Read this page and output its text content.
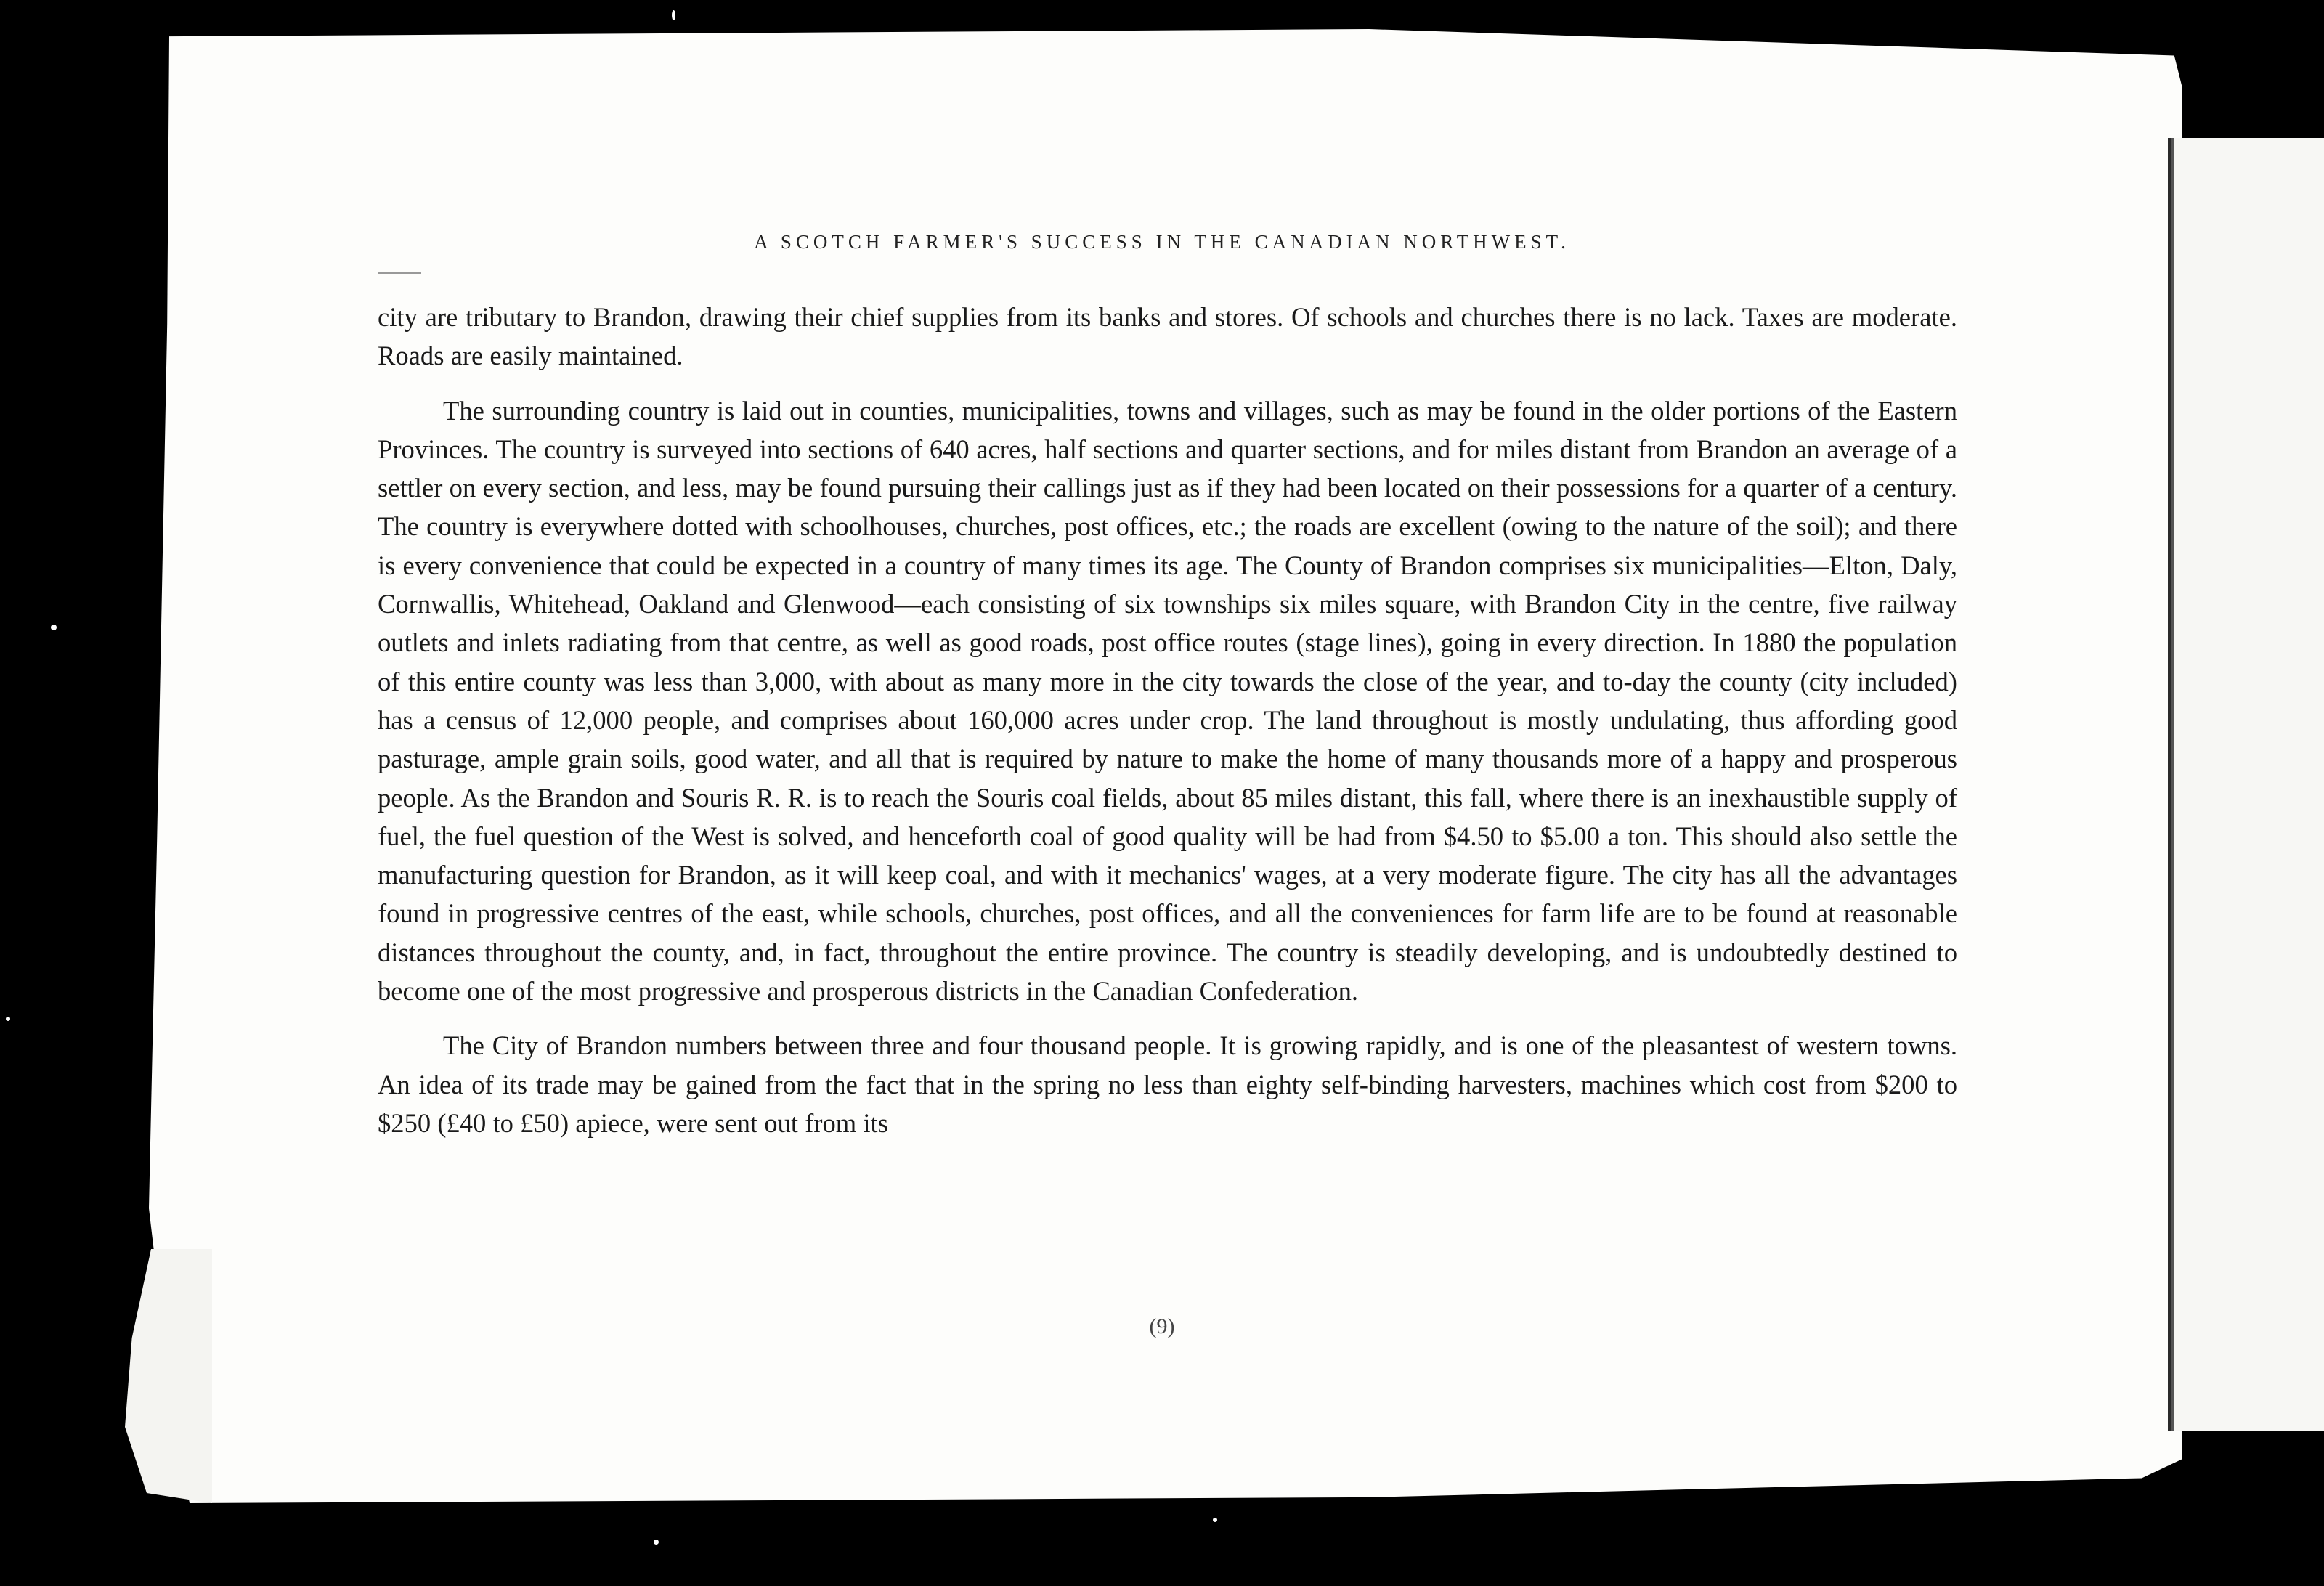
A SCOTCH FARMER'S SUCCESS IN THE CANADIAN NORTHWEST.

city are tributary to Brandon, drawing their chief supplies from its banks and stores. Of schools and churches there is no lack. Taxes are moderate. Roads are easily maintained.

The surrounding country is laid out in counties, municipalities, towns and villages, such as may be found in the older portions of the Eastern Provinces. The country is surveyed into sections of 640 acres, half sections and quarter sections, and for miles distant from Brandon an average of a settler on every section, and less, may be found pursuing their callings just as if they had been located on their possessions for a quarter of a century. The country is everywhere dotted with schoolhouses, churches, post offices, etc.; the roads are excellent (owing to the nature of the soil); and there is every convenience that could be expected in a country of many times its age. The County of Brandon comprises six municipalities—Elton, Daly, Cornwallis, Whitehead, Oakland and Glenwood—each consisting of six townships six miles square, with Brandon City in the centre, five railway outlets and inlets radiating from that centre, as well as good roads, post office routes (stage lines), going in every direction. In 1880 the population of this entire county was less than 3,000, with about as many more in the city towards the close of the year, and to-day the county (city included) has a census of 12,000 people, and comprises about 160,000 acres under crop. The land throughout is mostly undulating, thus affording good pasturage, ample grain soils, good water, and all that is required by nature to make the home of many thousands more of a happy and prosperous people. As the Brandon and Souris R. R. is to reach the Souris coal fields, about 85 miles distant, this fall, where there is an inexhaustible supply of fuel, the fuel question of the West is solved, and henceforth coal of good quality will be had from $4.50 to $5.00 a ton. This should also settle the manufacturing question for Brandon, as it will keep coal, and with it mechanics' wages, at a very moderate figure. The city has all the advantages found in progressive centres of the east, while schools, churches, post offices, and all the conveniences for farm life are to be found at reasonable distances throughout the county, and, in fact, throughout the entire province. The country is steadily developing, and is undoubtedly destined to become one of the most progressive and prosperous districts in the Canadian Confederation.

The City of Brandon numbers between three and four thousand people. It is growing rapidly, and is one of the pleasantest of western towns. An idea of its trade may be gained from the fact that in the spring no less than eighty self-binding harvesters, machines which cost from $200 to $250 (£40 to £50) apiece, were sent out from its

(9)
